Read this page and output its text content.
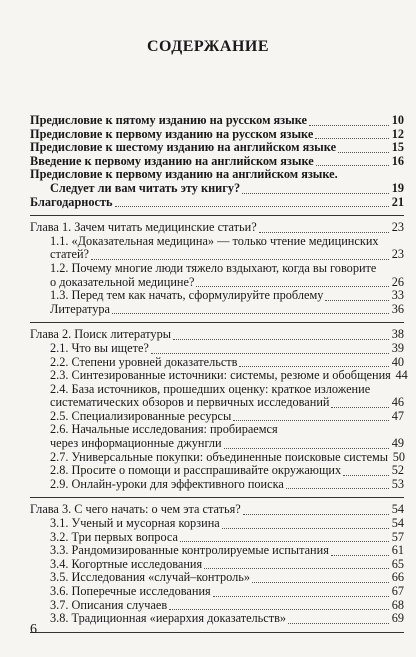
СОДЕРЖАНИЕ
Предисловие к пятому изданию на русском языке	10
Предисловие к первому изданию на русском языке	12
Предисловие к шестому изданию на английском языке	15
Введение к первому изданию на английском языке	16
Предисловие к первому изданию на английском языке.
Следует ли вам читать эту книгу?	19
Благодарность	21
Глава 1. Зачем читать медицинские статьи?	23
1.1. «Доказательная медицина» — только чтение медицинских
статей?	23
1.2. Почему многие люди тяжело вздыхают, когда вы говорите
о доказательной медицине?	26
1.3. Перед тем как начать, сформулируйте проблему	33
Литература	36
Глава 2. Поиск литературы	38
2.1. Что вы ищете?	39
2.2. Степени уровней доказательств	40
2.3. Синтезированные источники: системы, резюме и обобщения 44
2.4. База источников, прошедших оценку: краткое изложение
систематических обзоров и первичных исследований	46
2.5. Специализированные ресурсы	47
2.6. Начальные исследования: пробираемся
через информационные джунгли	49
2.7. Универсальные покупки: объединенные поисковые системы 50
2.8. Просите о помощи и расспрашивайте окружающих	52
2.9. Онлайн-уроки для эффективного поиска	53
Глава 3. С чего начать: о чем эта статья?	54
3.1. Ученый и мусорная корзина	54
3.2. Три первых вопроса	57
3.3. Рандомизированные контролируемые испытания	61
3.4. Когортные исследования	65
3.5. Исследования «случай–контроль»	66
3.6. Поперечные исследования	67
3.7. Описания случаев	68
3.8. Традиционная «иерархия доказательств»	69
6
